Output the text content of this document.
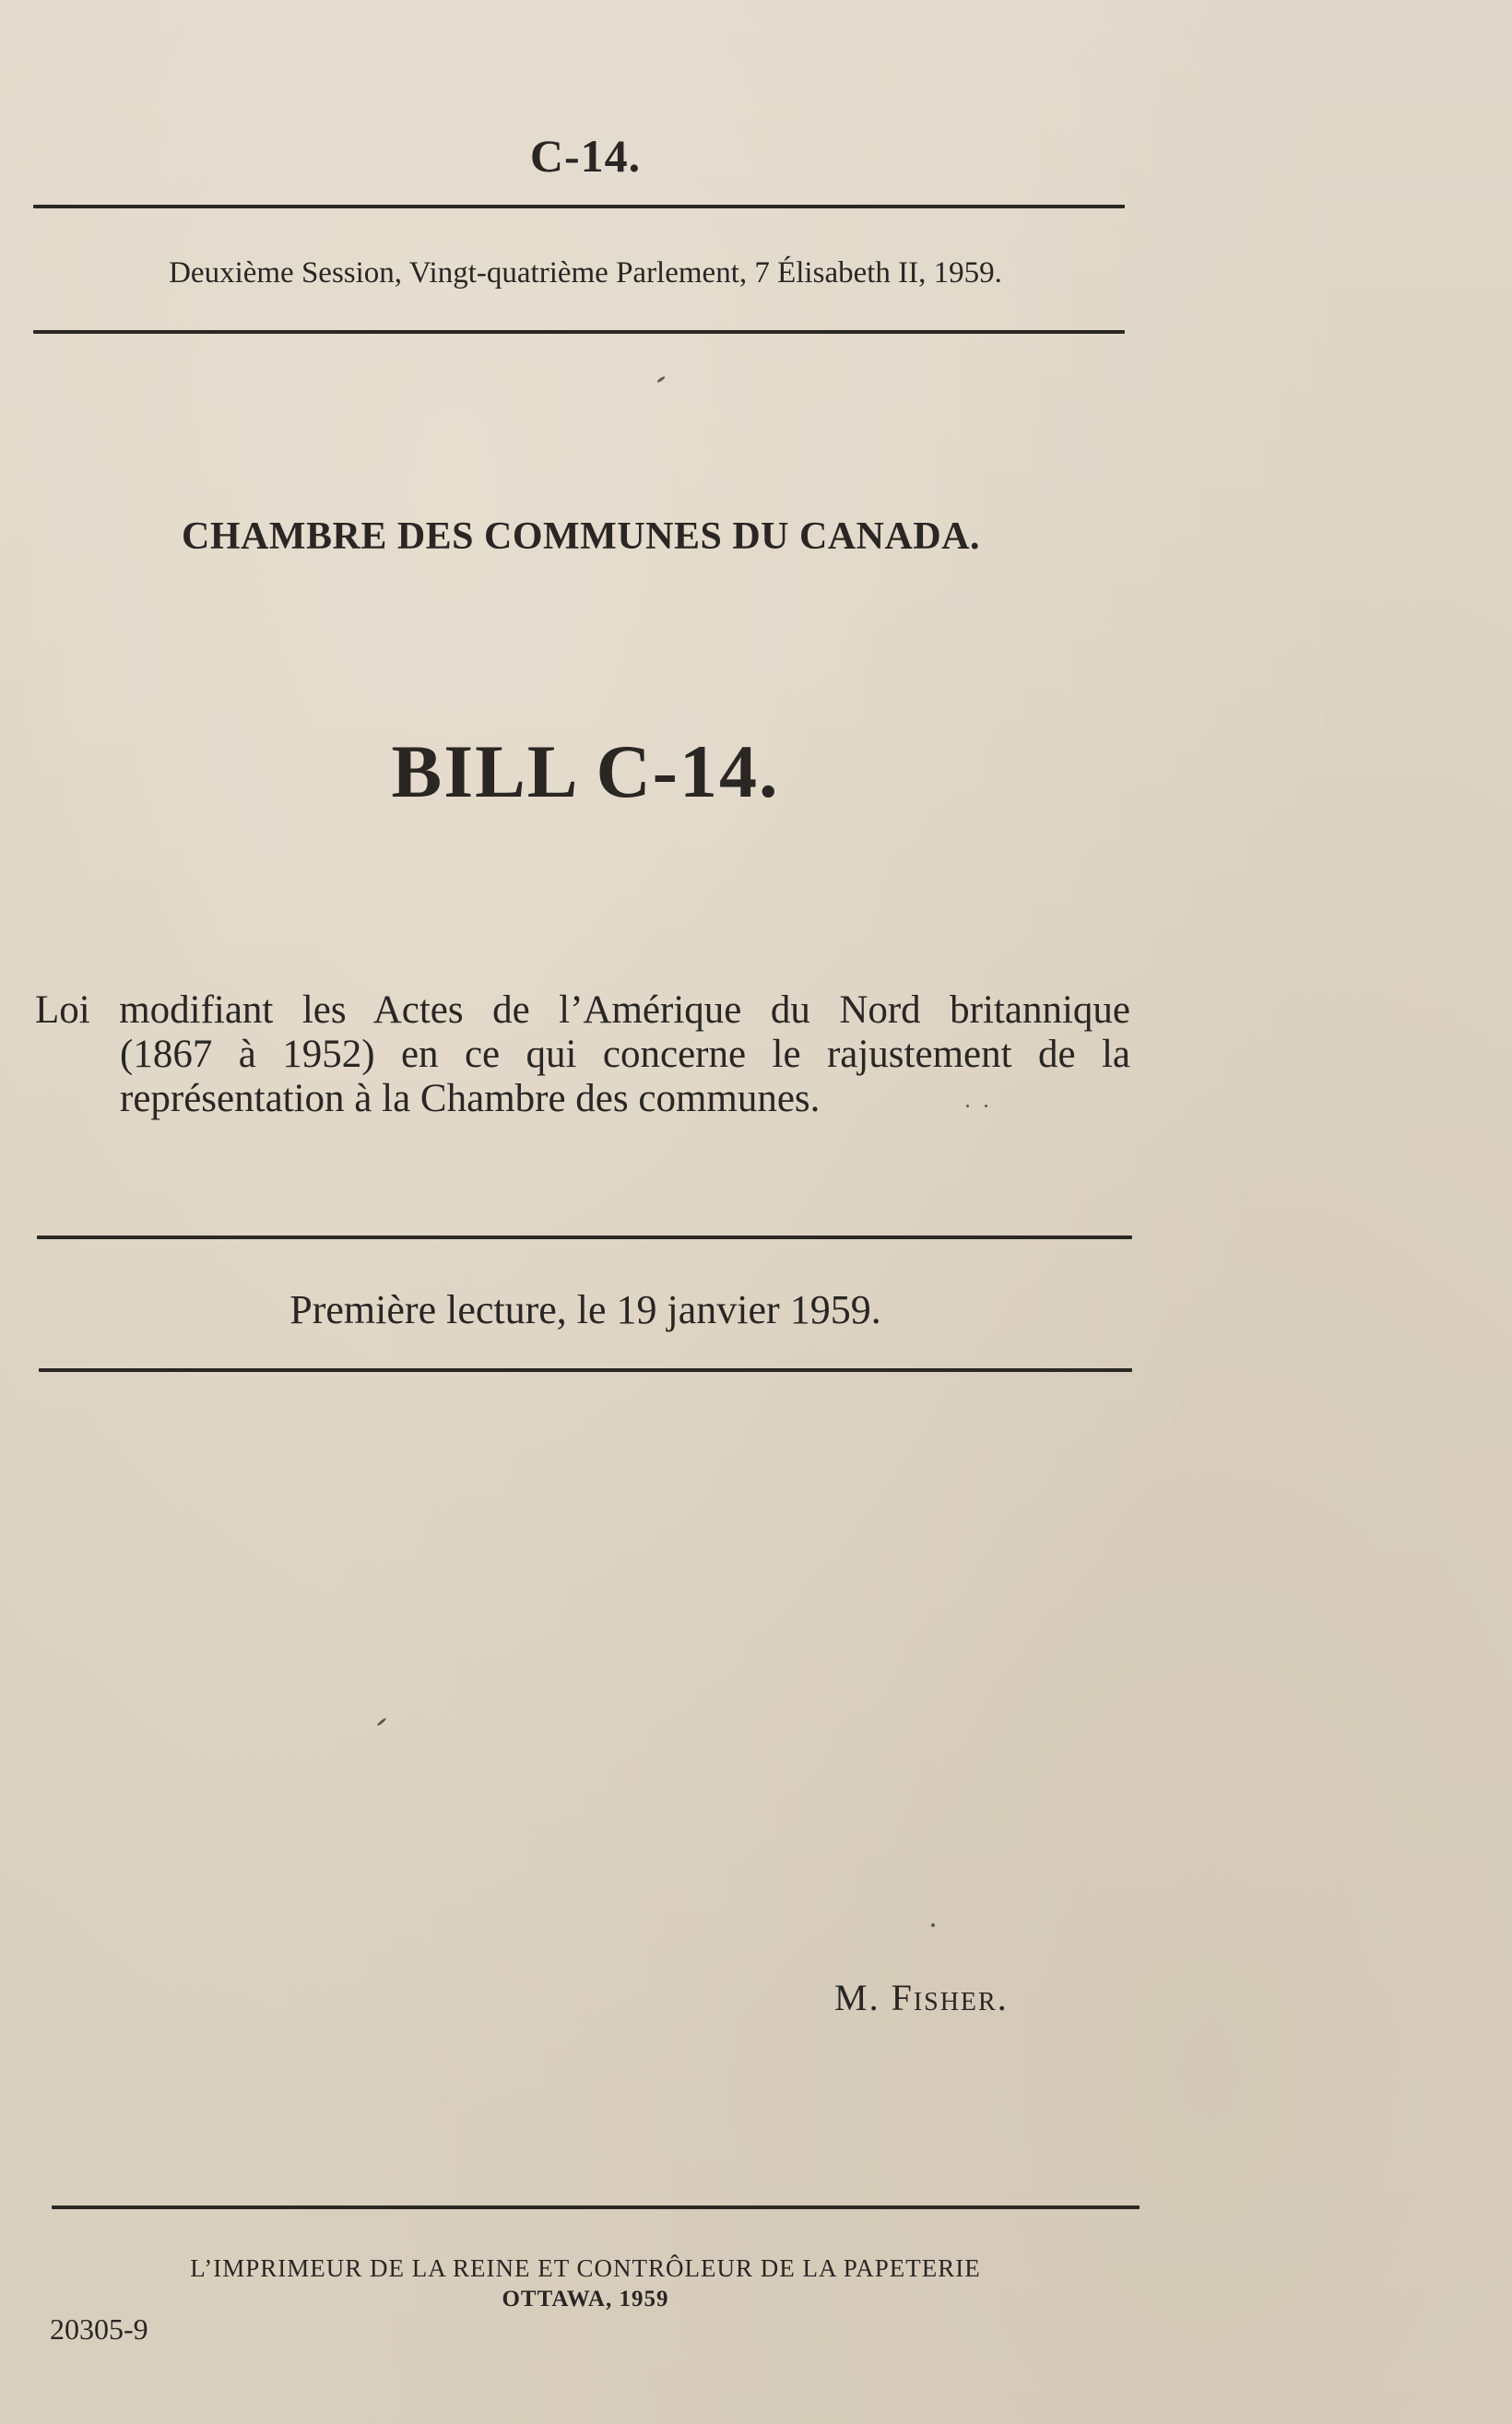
C-14.
Deuxième Session, Vingt-quatrième Parlement, 7 Élisabeth II, 1959.
CHAMBRE DES COMMUNES DU CANADA.
BILL C-14.
Loi modifiant les Actes de l’Amérique du Nord britannique
(1867 à 1952) en ce qui concerne le rajustement de la
représentation à la Chambre des communes.
Première lecture, le 19 janvier 1959.
M. Fisher.
L’IMPRIMEUR DE LA REINE ET CONTRÔLEUR DE LA PAPETERIE
OTTAWA, 1959
20305-9
